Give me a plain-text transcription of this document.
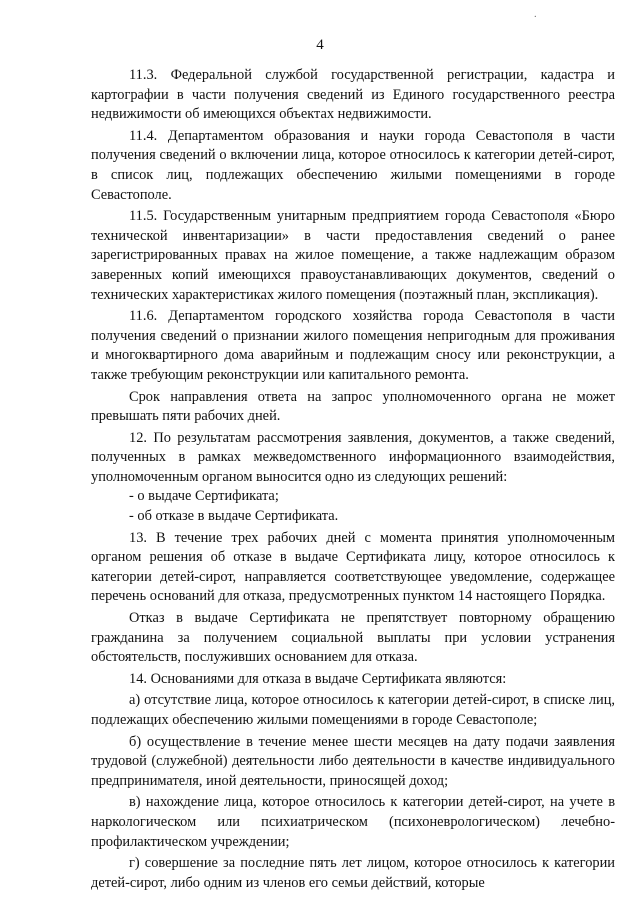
·
4

11.3. Федеральной службой государственной регистрации, кадастра и картографии в части получения сведений из Единого государственного реестра недвижимости об имеющихся объектах недвижимости.

11.4. Департаментом образования и науки города Севастополя в части получения сведений о включении лица, которое относилось к категории детей-сирот, в список лиц, подлежащих обеспечению жилыми помещениями в городе Севастополе.

11.5. Государственным унитарным предприятием города Севастополя «Бюро технической инвентаризации» в части предоставления сведений о ранее зарегистрированных правах на жилое помещение, а также надлежащим образом заверенных копий имеющихся правоустанавливающих документов, сведений о технических характеристиках жилого помещения (поэтажный план, экспликация).

11.6. Департаментом городского хозяйства города Севастополя в части получения сведений о признании жилого помещения непригодным для проживания и многоквартирного дома аварийным и подлежащим сносу или реконструкции, а также требующим реконструкции или капитального ремонта.

Срок направления ответа на запрос уполномоченного органа не может превышать пяти рабочих дней.

12. По результатам рассмотрения заявления, документов, а также сведений, полученных в рамках межведомственного информационного взаимодействия, уполномоченным органом выносится одно из следующих решений:

- о выдаче Сертификата;

- об отказе в выдаче Сертификата.

13. В течение трех рабочих дней с момента принятия уполномоченным органом решения об отказе в выдаче Сертификата лицу, которое относилось к категории детей-сирот, направляется соответствующее уведомление, содержащее перечень оснований для отказа, предусмотренных пунктом 14 настоящего Порядка.

Отказ в выдаче Сертификата не препятствует повторному обращению гражданина за получением социальной выплаты при условии устранения обстоятельств, послуживших основанием для отказа.

14. Основаниями для отказа в выдаче Сертификата являются:

а) отсутствие лица, которое относилось к категории детей-сирот, в списке лиц, подлежащих обеспечению жилыми помещениями в городе Севастополе;

б) осуществление в течение менее шести месяцев на дату подачи заявления трудовой (служебной) деятельности либо деятельности в качестве индивидуального предпринимателя, иной деятельности, приносящей доход;

в) нахождение лица, которое относилось к категории детей-сирот, на учете в наркологическом или психиатрическом (психоневрологическом) лечебно-профилактическом учреждении;

г) совершение за последние пять лет лицом, которое относилось к категории детей-сирот, либо одним из членов его семьи действий, которые
